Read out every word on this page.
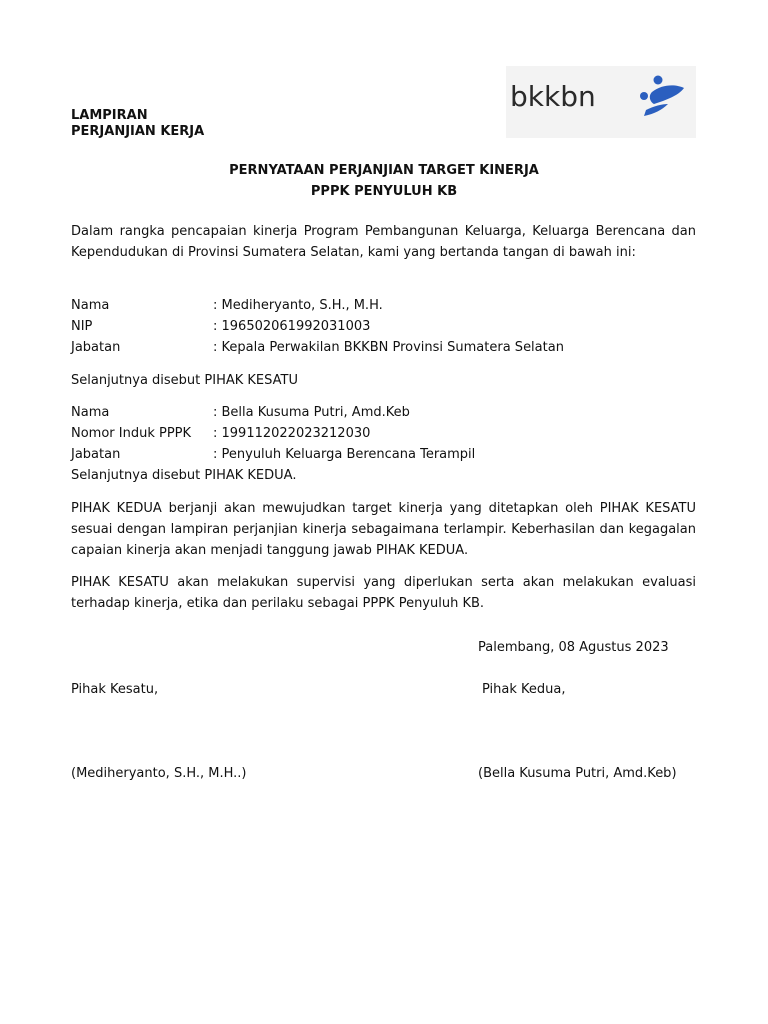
LAMPIRAN
PERJANJIAN KERJA
bkkbn
PERNYATAAN PERJANJIAN TARGET KINERJA
PPPK PENYULUH KB
Dalam rangka pencapaian kinerja Program Pembangunan Keluarga, Keluarga Berencana dan Kependudukan di Provinsi Sumatera Selatan, kami yang bertanda tangan di bawah ini:
Nama	: Mediheryanto, S.H., M.H.
NIP	: 196502061992031003
Jabatan	: Kepala Perwakilan BKKBN Provinsi Sumatera Selatan
Selanjutnya disebut PIHAK KESATU
Nama	: Bella Kusuma Putri, Amd.Keb
Nomor Induk PPPK : 199112022023212030
Jabatan	: Penyuluh Keluarga Berencana Terampil
Selanjutnya disebut PIHAK KEDUA.
PIHAK KEDUA berjanji akan mewujudkan target kinerja yang ditetapkan oleh PIHAK KESATU sesuai dengan lampiran perjanjian kinerja sebagaimana terlampir. Keberhasilan dan kegagalan capaian kinerja akan menjadi tanggung jawab PIHAK KEDUA.
PIHAK KESATU akan melakukan supervisi yang diperlukan serta akan melakukan evaluasi terhadap kinerja, etika dan perilaku sebagai PPPK Penyuluh KB.
Palembang, 08 Agustus 2023
Pihak Kesatu,	Pihak Kedua,
(Mediheryanto, S.H., M.H..)	(Bella Kusuma Putri, Amd.Keb)
